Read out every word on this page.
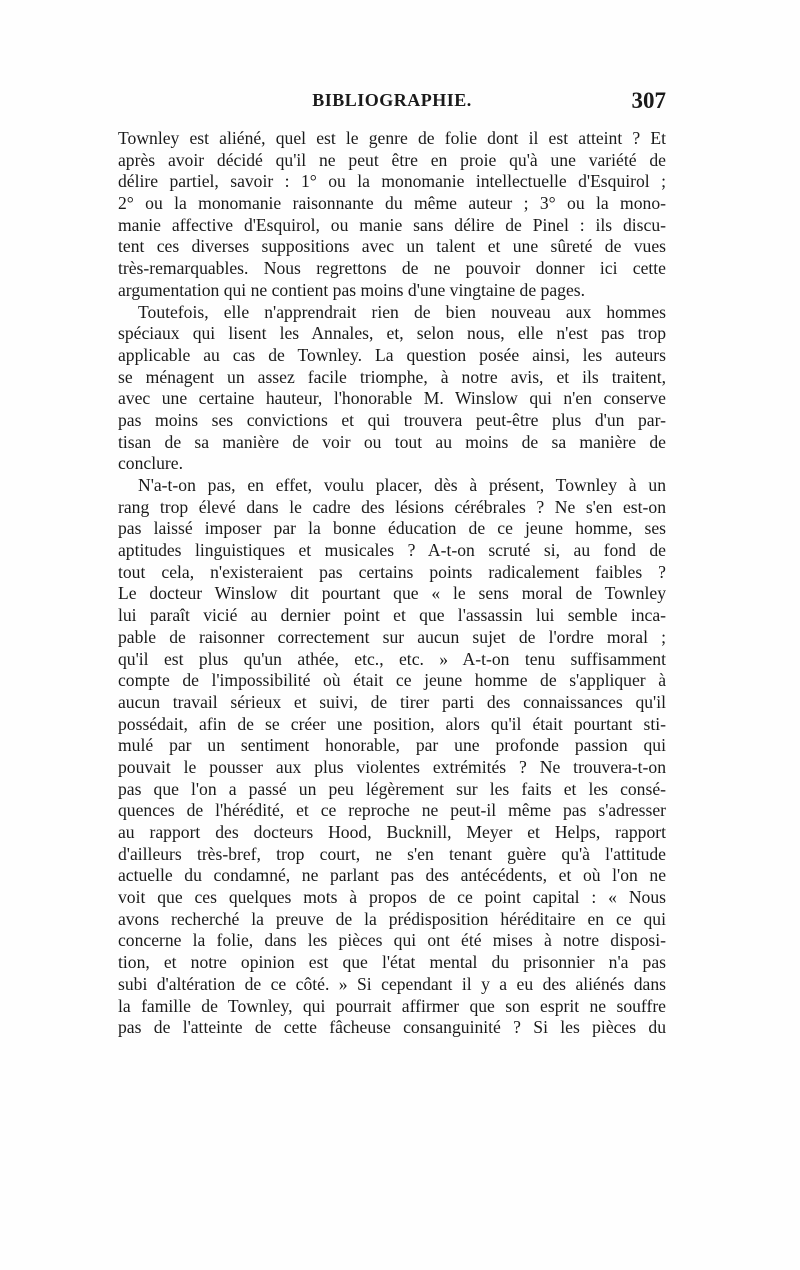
BIBLIOGRAPHIE.	307
Townley est aliéné, quel est le genre de folie dont il est atteint ? Et
après avoir décidé qu'il ne peut être en proie qu'à une variété de
délire partiel, savoir : 1° ou la monomanie intellectuelle d'Esquirol ;
2° ou la monomanie raisonnante du même auteur ; 3° ou la mono-
manie affective d'Esquirol, ou manie sans délire de Pinel : ils discu-
tent ces diverses suppositions avec un talent et une sûreté de vues
très-remarquables. Nous regrettons de ne pouvoir donner ici cette
argumentation qui ne contient pas moins d'une vingtaine de pages.
Toutefois, elle n'apprendrait rien de bien nouveau aux hommes
spéciaux qui lisent les Annales, et, selon nous, elle n'est pas trop
applicable au cas de Townley. La question posée ainsi, les auteurs
se ménagent un assez facile triomphe, à notre avis, et ils traitent,
avec une certaine hauteur, l'honorable M. Winslow qui n'en conserve
pas moins ses convictions et qui trouvera peut-être plus d'un par-
tisan de sa manière de voir ou tout au moins de sa manière de
conclure.
N'a-t-on pas, en effet, voulu placer, dès à présent, Townley à un
rang trop élevé dans le cadre des lésions cérébrales ? Ne s'en est-on
pas laissé imposer par la bonne éducation de ce jeune homme, ses
aptitudes linguistiques et musicales ? A-t-on scruté si, au fond de
tout cela, n'existeraient pas certains points radicalement faibles ?
Le docteur Winslow dit pourtant que « le sens moral de Townley
lui paraît vicié au dernier point et que l'assassin lui semble inca-
pable de raisonner correctement sur aucun sujet de l'ordre moral ;
qu'il est plus qu'un athée, etc., etc. » A-t-on tenu suffisamment
compte de l'impossibilité où était ce jeune homme de s'appliquer à
aucun travail sérieux et suivi, de tirer parti des connaissances qu'il
possédait, afin de se créer une position, alors qu'il était pourtant sti-
mulé par un sentiment honorable, par une profonde passion qui
pouvait le pousser aux plus violentes extrémités ? Ne trouvera-t-on
pas que l'on a passé un peu légèrement sur les faits et les consé-
quences de l'hérédité, et ce reproche ne peut-il même pas s'adresser
au rapport des docteurs Hood, Bucknill, Meyer et Helps, rapport
d'ailleurs très-bref, trop court, ne s'en tenant guère qu'à l'attitude
actuelle du condamné, ne parlant pas des antécédents, et où l'on ne
voit que ces quelques mots à propos de ce point capital : « Nous
avons recherché la preuve de la prédisposition héréditaire en ce qui
concerne la folie, dans les pièces qui ont été mises à notre disposi-
tion, et notre opinion est que l'état mental du prisonnier n'a pas
subi d'altération de ce côté. » Si cependant il y a eu des aliénés dans
la famille de Townley, qui pourrait affirmer que son esprit ne souffre
pas de l'atteinte de cette fâcheuse consanguinité ? Si les pièces du
